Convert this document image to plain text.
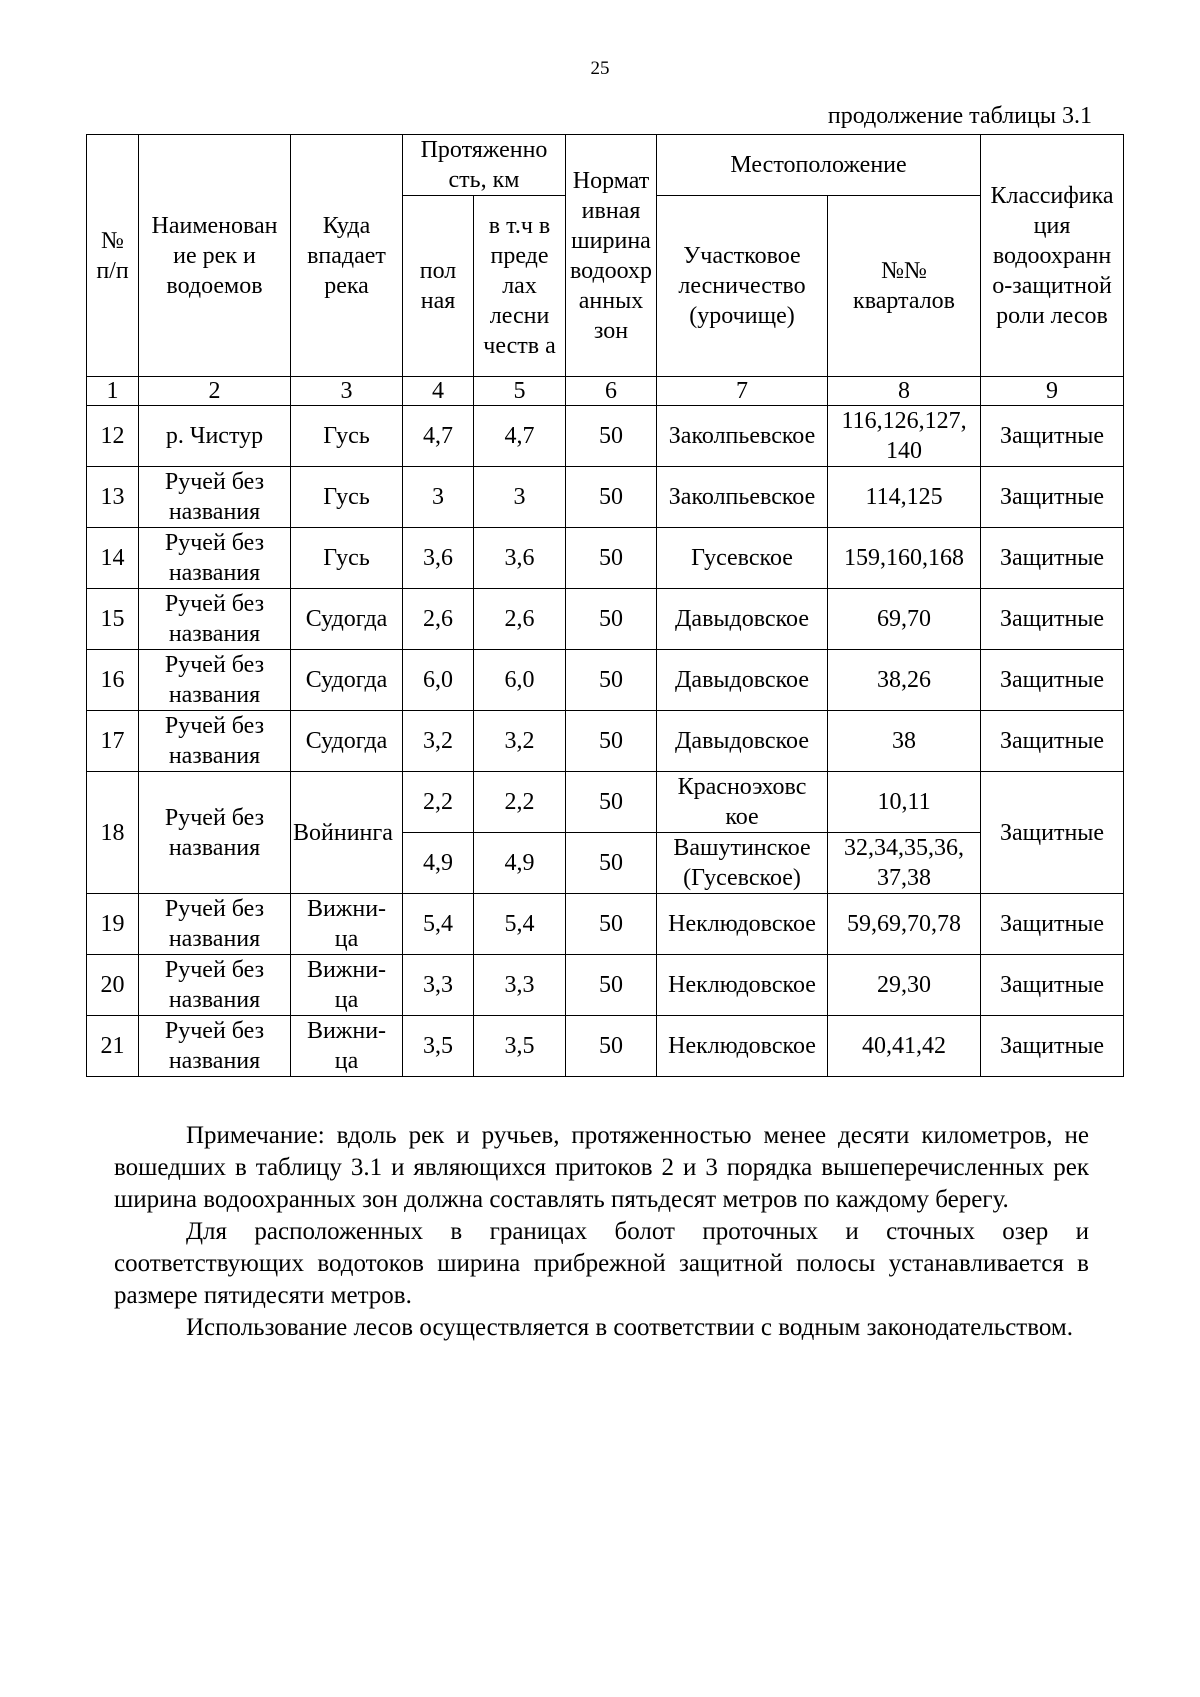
25
продолжение таблицы 3.1
№ п/п	Наименован ие рек и водоемов	Куда впадает река	Протяженно сть, км		Нормат ивная ширина водоохр анных зон	Местоположение		Классифика ция водоохранн о-защитной роли лесов
			пол ная	в т.ч в преде лах лесни честв а		Участковое лесничество (урочище)	№№ кварталов	
1	2	3	4	5	6	7	8	9
12	р. Чистур	Гусь	4,7	4,7	50	Заколпьевское	116,126,127, 140	Защитные
13	Ручей без названия	Гусь	3	3	50	Заколпьевское	114,125	Защитные
14	Ручей без названия	Гусь	3,6	3,6	50	Гусевское	159,160,168	Защитные
15	Ручей без названия	Судогда	2,6	2,6	50	Давыдовское	69,70	Защитные
16	Ручей без названия	Судогда	6,0	6,0	50	Давыдовское	38,26	Защитные
17	Ручей без названия	Судогда	3,2	3,2	50	Давыдовское	38	Защитные
18	Ручей без названия	Войнинга	2,2	2,2	50	Красноэховс кое	10,11	Защитные
			4,9	4,9	50	Вашутинское (Гусевское)	32,34,35,36, 37,38	
19	Ручей без названия	Вижни- ца	5,4	5,4	50	Неклюдовское	59,69,70,78	Защитные
20	Ручей без названия	Вижни- ца	3,3	3,3	50	Неклюдовское	29,30	Защитные
21	Ручей без названия	Вижни- ца	3,5	3,5	50	Неклюдовское	40,41,42	Защитные

Примечание: вдоль рек и ручьев, протяженностью менее десяти километров, не вошедших в таблицу 3.1 и являющихся притоков 2 и 3 порядка вышеперечисленных рек ширина водоохранных зон должна составлять пятьдесят метров по каждому берегу.

Для расположенных в границах болот проточных и сточных озер и соответствующих водотоков ширина прибрежной защитной полосы устанавливается в размере пятидесяти метров.

Использование лесов осуществляется в соответствии с водным законодательством.
